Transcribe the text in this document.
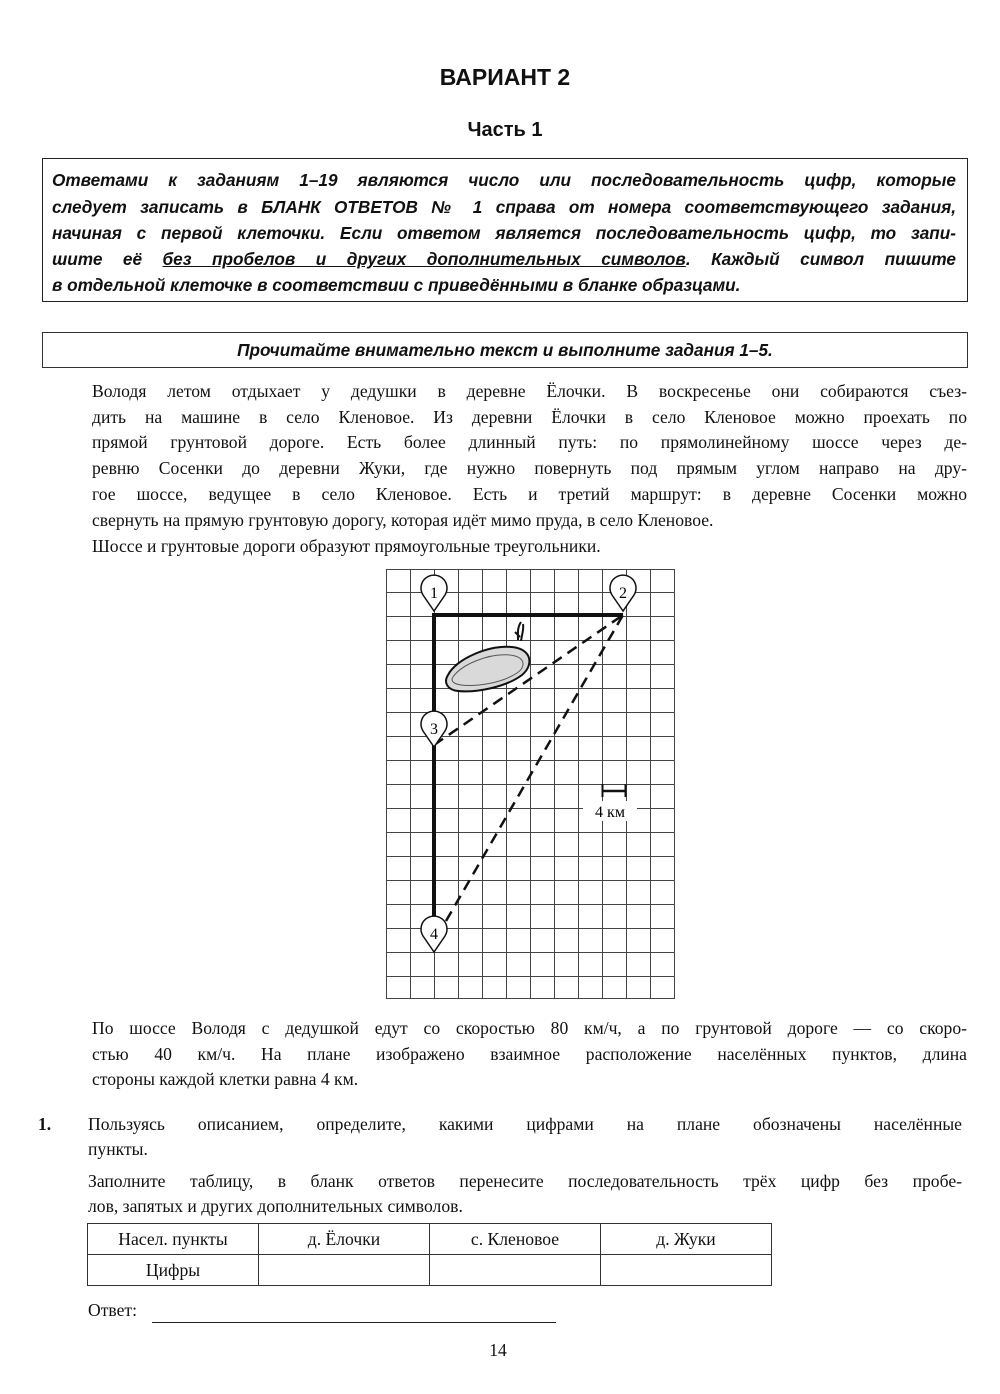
ВАРИАНТ 2
Часть 1
Ответами к заданиям 1–19 являются число или последовательность цифр, которые
следует записать в БЛАНК ОТВЕТОВ № 1 справа от номера соответствующего задания,
начиная с первой клеточки. Если ответом является последовательность цифр, то запи-
шите её без пробелов и других дополнительных символов. Каждый символ пишите
в отдельной клеточке в соответствии с приведёнными в бланке образцами.
Прочитайте внимательно текст и выполните задания 1–5.
Володя летом отдыхает у дедушки в деревне Ёлочки. В воскресенье они собираются съез-
дить на машине в село Кленовое. Из деревни Ёлочки в село Кленовое можно проехать по
прямой грунтовой дороге. Есть более длинный путь: по прямолинейному шоссе через де-
ревню Сосенки до деревни Жуки, где нужно повернуть под прямым углом направо на дру-
гое шоссе, ведущее в село Кленовое. Есть и третий маршрут: в деревне Сосенки можно
свернуть на прямую грунтовую дорогу, которая идёт мимо пруда, в село Кленовое.
Шоссе и грунтовые дороги образуют прямоугольные треугольники.
4 км
1	2
3
4
По шоссе Володя с дедушкой едут со скоростью 80 км/ч, а по грунтовой дороге — со скоро-
стью 40 км/ч. На плане изображено взаимное расположение населённых пунктов, длина
стороны каждой клетки равна 4 км.
1. Пользуясь описанием, определите, какими цифрами на плане обозначены населённые
пункты.
Заполните таблицу, в бланк ответов перенесите последовательность трёх цифр без пробе-
лов, запятых и других дополнительных символов.
Насел. пункты	д. Ёлочки	с. Кленовое	д. Жуки
Цифры			
Ответ:
14
